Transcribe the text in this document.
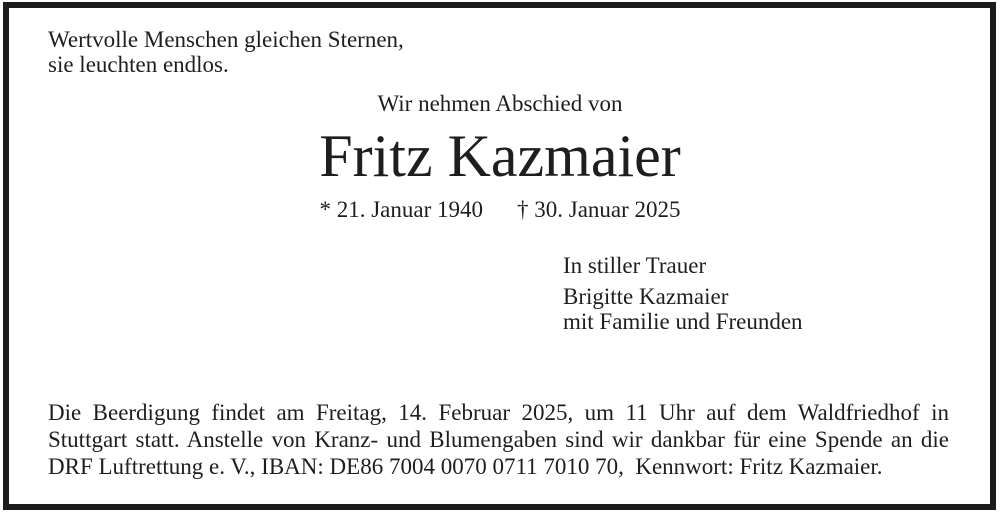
Wertvolle Menschen gleichen Sternen,
sie leuchten endlos.
Wir nehmen Abschied von
Fritz Kazmaier
* 21. Januar 1940 † 30. Januar 2025
In stiller Trauer
Brigitte Kazmaier
mit Familie und Freunden
Die Beerdigung findet am Freitag, 14. Februar 2025, um 11 Uhr auf dem Waldfriedhof in
Stuttgart statt. Anstelle von Kranz- und Blumengaben sind wir dankbar für eine Spende an die
DRF Luftrettung e. V., IBAN: DE86 7004 0070 0711 7010 70,  Kennwort: Fritz Kazmaier.
